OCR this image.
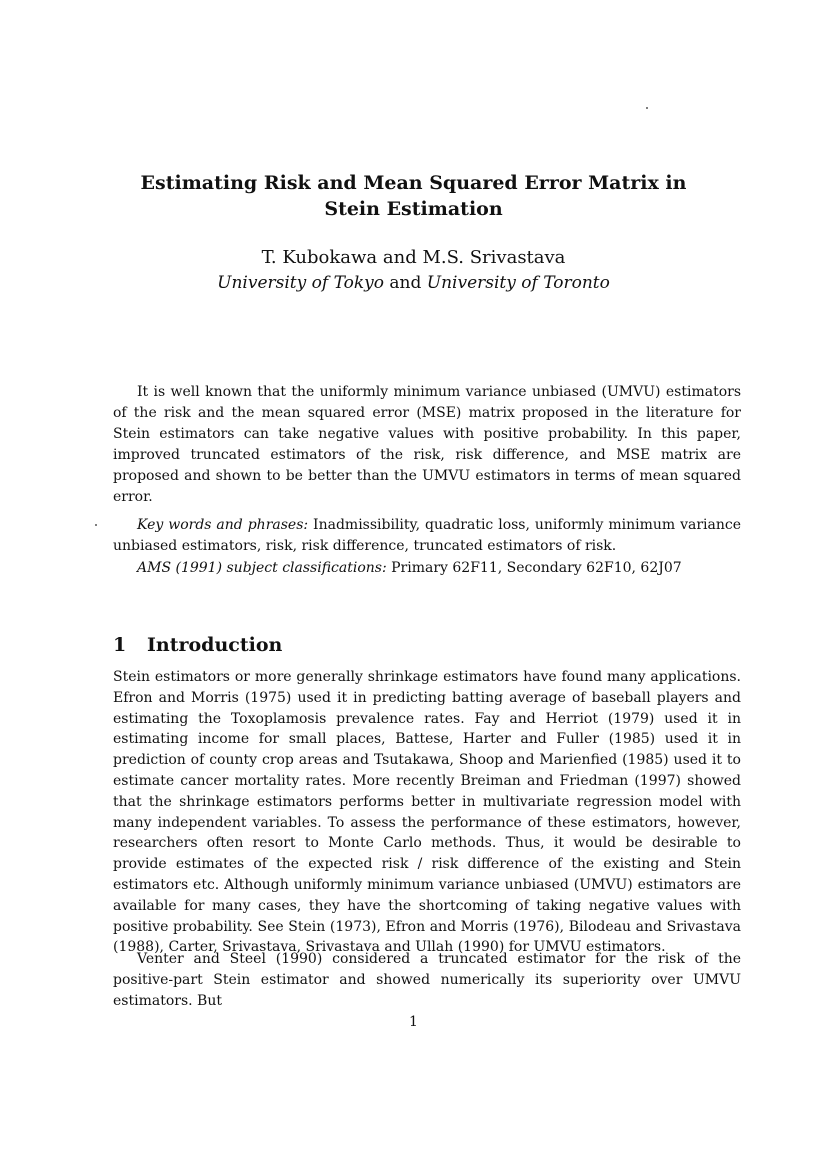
Estimating Risk and Mean Squared Error Matrix in Stein Estimation
T. Kubokawa and M.S. Srivastava
University of Tokyo and University of Toronto
It is well known that the uniformly minimum variance unbiased (UMVU) estimators of the risk and the mean squared error (MSE) matrix proposed in the literature for Stein estimators can take negative values with positive probability. In this paper, improved truncated estimators of the risk, risk difference, and MSE matrix are proposed and shown to be better than the UMVU estimators in terms of mean squared error.
Key words and phrases: Inadmissibility, quadratic loss, uniformly minimum variance unbiased estimators, risk, risk difference, truncated estimators of risk.
AMS (1991) subject classifications: Primary 62F11, Secondary 62F10, 62J07
1 Introduction
Stein estimators or more generally shrinkage estimators have found many applications. Efron and Morris (1975) used it in predicting batting average of baseball players and estimating the Toxoplamosis prevalence rates. Fay and Herriot (1979) used it in estimating income for small places, Battese, Harter and Fuller (1985) used it in prediction of county crop areas and Tsutakawa, Shoop and Marienfied (1985) used it to estimate cancer mortality rates. More recently Breiman and Friedman (1997) showed that the shrinkage estimators performs better in multivariate regression model with many independent variables. To assess the performance of these estimators, however, researchers often resort to Monte Carlo methods. Thus, it would be desirable to provide estimates of the expected risk / risk difference of the existing and Stein estimators etc. Although uniformly minimum variance unbiased (UMVU) estimators are available for many cases, they have the shortcoming of taking negative values with positive probability. See Stein (1973), Efron and Morris (1976), Bilodeau and Srivastava (1988), Carter, Srivastava, Srivastava and Ullah (1990) for UMVU estimators.
Venter and Steel (1990) considered a truncated estimator for the risk of the positive-part Stein estimator and showed numerically its superiority over UMVU estimators. But
1
